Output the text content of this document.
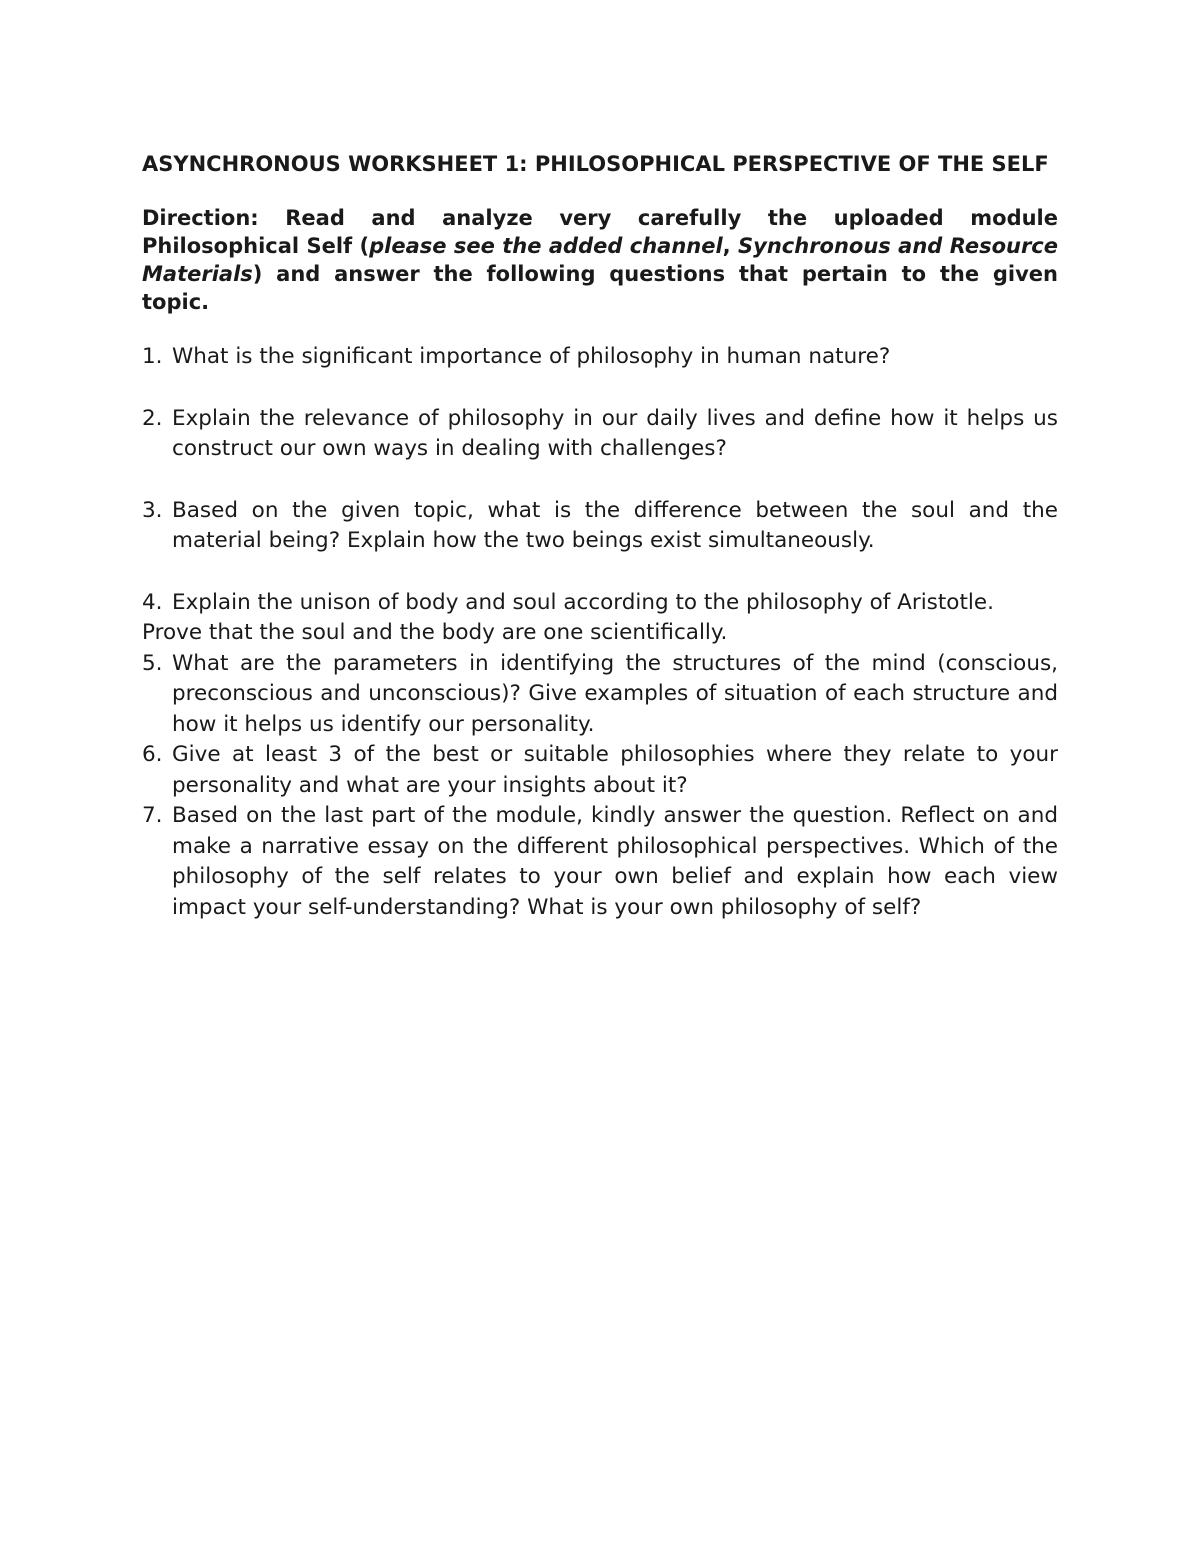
ASYNCHRONOUS WORKSHEET 1: PHILOSOPHICAL PERSPECTIVE OF THE SELF

Direction: Read and analyze very carefully the uploaded module Philosophical Self (please see the added channel, Synchronous and Resource Materials) and answer the following questions that pertain to the given topic.

1. What is the significant importance of philosophy in human nature?
2. Explain the relevance of philosophy in our daily lives and define how it helps us construct our own ways in dealing with challenges?
3. Based on the given topic, what is the difference between the soul and the material being? Explain how the two beings exist simultaneously.
4. Explain the unison of body and soul according to the philosophy of Aristotle.

Prove that the soul and the body are one scientifically.

5. What are the parameters in identifying the structures of the mind (conscious, preconscious and unconscious)? Give examples of situation of each structure and how it helps us identify our personality.
6. Give at least 3 of the best or suitable philosophies where they relate to your personality and what are your insights about it?
7. Based on the last part of the module, kindly answer the question. Reflect on and make a narrative essay on the different philosophical perspectives. Which of the philosophy of the self relates to your own belief and explain how each view impact your self-understanding? What is your own philosophy of self?
